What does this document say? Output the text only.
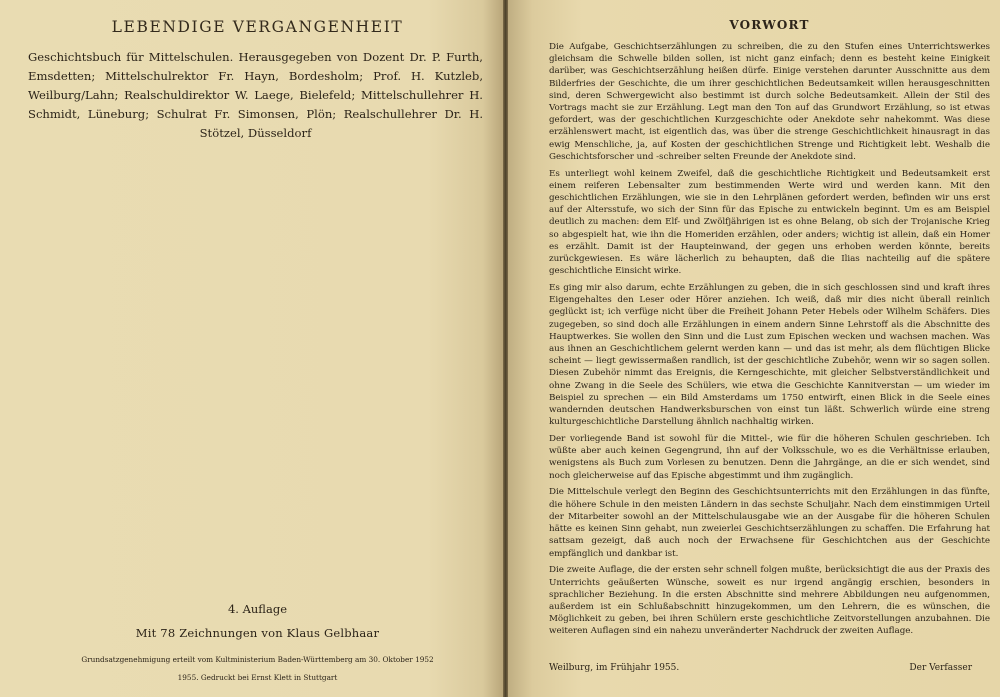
LEBENDIGE VERGANGENHEIT

Geschichtsbuch für Mittelschulen. Herausgegeben von Dozent Dr. P. Furth, Emsdetten; Mittelschulrektor Fr. Hayn, Bordesholm; Prof. H. Kutzleb, Weilburg/Lahn; Realschuldirektor W. Laege, Bielefeld; Mittelschullehrer H. Schmidt, Lüneburg; Schulrat Fr. Simonsen, Plön; Realschullehrer Dr. H. Stötzel, Düsseldorf

4. Auflage
Mit 78 Zeichnungen von Klaus Gelbhaar
Grundsatzgenehmigung erteilt vom Kultministerium Baden-Württemberg am 30. Oktober 1952
1955. Gedruckt bei Ernst Klett in Stuttgart
VORWORT

Die Aufgabe, Geschichtserzählungen zu schreiben, die zu den Stufen eines Unterrichtswerkes gleichsam die Schwelle bilden sollen, ist nicht ganz einfach; denn es besteht keine Einigkeit darüber, was Geschichtserzählung heißen dürfe. Einige verstehen darunter Ausschnitte aus dem Bilderfries der Geschichte, die um ihrer geschichtlichen Bedeutsamkeit willen herausgeschnitten sind, deren Schwergewicht also bestimmt ist durch solche Bedeutsamkeit. Allein der Stil des Vortrags macht sie zur Erzählung. Legt man den Ton auf das Grundwort Erzählung, so ist etwas gefordert, was der geschichtlichen Kurzgeschichte oder Anekdote sehr nahekommt. Was diese erzählenswert macht, ist eigentlich das, was über die strenge Geschichtlichkeit hinausragt in das ewig Menschliche, ja, auf Kosten der geschichtlichen Strenge und Richtigkeit lebt. Weshalb die Geschichtsforscher und -schreiber selten Freunde der Anekdote sind.

Es unterliegt wohl keinem Zweifel, daß die geschichtliche Richtigkeit und Bedeutsamkeit erst einem reiferen Lebensalter zum bestimmenden Werte wird und werden kann. Mit den geschichtlichen Erzählungen, wie sie in den Lehrplänen gefordert werden, befinden wir uns erst auf der Altersstufe, wo sich der Sinn für das Epische zu entwickeln beginnt. Um es am Beispiel deutlich zu machen: dem Elf- und Zwölfjährigen ist es ohne Belang, ob sich der Trojanische Krieg so abgespielt hat, wie ihn die Homeriden erzählen, oder anders; wichtig ist allein, daß ein Homer es erzählt. Damit ist der Haupteinwand, der gegen uns erhoben werden könnte, bereits zurückgewiesen. Es wäre lächerlich zu behaupten, daß die Ilias nachteilig auf die spätere geschichtliche Einsicht wirke.

Es ging mir also darum, echte Erzählungen zu geben, die in sich geschlossen sind und kraft ihres Eigengehaltes den Leser oder Hörer anziehen. Ich weiß, daß mir dies nicht überall reinlich geglückt ist; ich verfüge nicht über die Freiheit Johann Peter Hebels oder Wilhelm Schäfers. Dies zugegeben, so sind doch alle Erzählungen in einem andern Sinne Lehrstoff als die Abschnitte des Hauptwerkes. Sie wollen den Sinn und die Lust zum Epischen wecken und wachsen machen. Was aus ihnen an Geschichtlichem gelernt werden kann — und das ist mehr, als dem flüchtigen Blicke scheint — liegt gewissermaßen randlich, ist der geschichtliche Zubehör, wenn wir so sagen sollen. Diesen Zubehör nimmt das Ereignis, die Kerngeschichte, mit gleicher Selbstverständlichkeit und ohne Zwang in die Seele des Schülers, wie etwa die Geschichte Kannitverstan — um wieder im Beispiel zu sprechen — ein Bild Amsterdams um 1750 entwirft, einen Blick in die Seele eines wandernden deutschen Handwerksburschen von einst tun läßt. Schwerlich würde eine streng kulturgeschichtliche Darstellung ähnlich nachhaltig wirken.

Der vorliegende Band ist sowohl für die Mittel-, wie für die höheren Schulen geschrieben. Ich wüßte aber auch keinen Gegengrund, ihn auf der Volksschule, wo es die Verhältnisse erlauben, wenigstens als Buch zum Vorlesen zu benutzen. Denn die Jahrgänge, an die er sich wendet, sind noch gleicherweise auf das Epische abgestimmt und ihm zugänglich.

Die Mittelschule verlegt den Beginn des Geschichtsunterrichts mit den Erzählungen in das fünfte, die höhere Schule in den meisten Ländern in das sechste Schuljahr. Nach dem einstimmigen Urteil der Mitarbeiter sowohl an der Mittelschulausgabe wie an der Ausgabe für die höheren Schulen hätte es keinen Sinn gehabt, nun zweierlei Geschichtserzählungen zu schaffen. Die Erfahrung hat sattsam gezeigt, daß auch noch der Erwachsene für Geschichtchen aus der Geschichte empfänglich und dankbar ist.

Die zweite Auflage, die der ersten sehr schnell folgen mußte, berücksichtigt die aus der Praxis des Unterrichts geäußerten Wünsche, soweit es nur irgend angängig erschien, besonders in sprachlicher Beziehung. In die ersten Abschnitte sind mehrere Abbildungen neu aufgenommen, außerdem ist ein Schlußabschnitt hinzugekommen, um den Lehrern, die es wünschen, die Möglichkeit zu geben, bei ihren Schülern erste geschichtliche Zeitvorstellungen anzubahnen. Die weiteren Auflagen sind ein nahezu unveränderter Nachdruck der zweiten Auflage.

Weilburg, im Frühjahr 1955.	Der Verfasser
